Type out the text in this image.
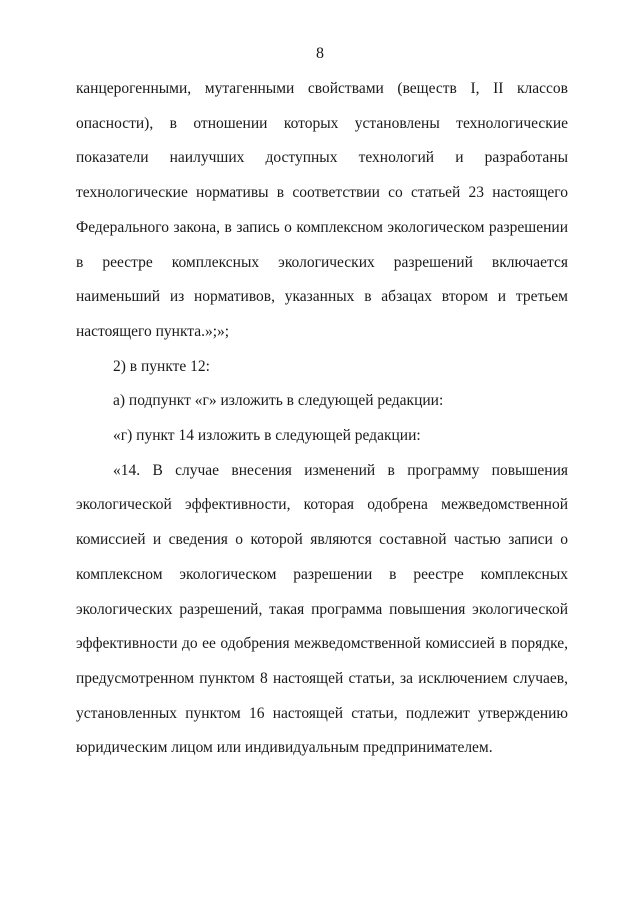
8

канцерогенными, мутагенными свойствами (веществ I, II классов
опасности), в отношении которых установлены технологические
показатели наилучших доступных технологий и разработаны
технологические нормативы в соответствии со статьей 23 настоящего
Федерального закона, в запись о комплексном экологическом разрешении
в реестре комплексных экологических разрешений включается
наименьший из нормативов, указанных в абзацах втором и третьем
настоящего пункта.»;»;

2) в пункте 12:

а) подпункт «г» изложить в следующей редакции:

«г) пункт 14 изложить в следующей редакции:

«14. В случае внесения изменений в программу повышения
экологической эффективности, которая одобрена межведомственной
комиссией и сведения о которой являются составной частью записи о
комплексном экологическом разрешении в реестре комплексных
экологических разрешений, такая программа повышения экологической
эффективности до ее одобрения межведомственной комиссией в порядке,
предусмотренном пунктом 8 настоящей статьи, за исключением случаев,
установленных пунктом 16 настоящей статьи, подлежит утверждению
юридическим лицом или индивидуальным предпринимателем.
